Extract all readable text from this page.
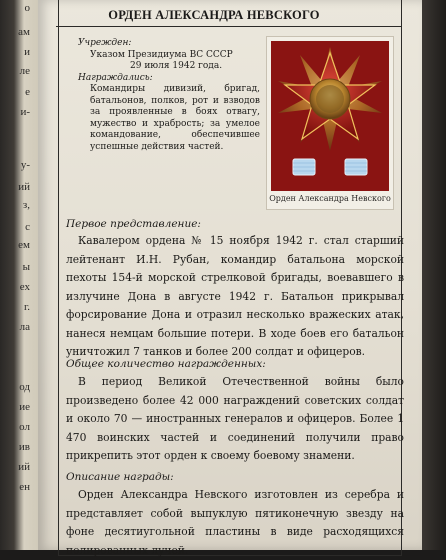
ОРДЕН АЛЕКСАНДРА НЕВСКОГО
Учрежден:
Указом Президиума ВС СССР
29 июля 1942 года.
Награждались:
Командиры дивизий, бригад, батальонов, полков, рот и взводов за проявленные в боях отвагу, мужество и храбрость; за умелое командование, обеспечившее успешные действия частей.
Орден Александра Невского
Первое представление:
Кавалером ордена № 15 ноября 1942 г. стал старший лейтенант И.Н. Рубан, командир батальона морской пехоты 154-й морской стрелковой бригады, воевавшего в излучине Дона в августе 1942 г. Батальон прикрывал форсирование Дона и отразил несколько вражеских атак, нанеся немцам большие потери. В ходе боев его батальон уничтожил 7 танков и более 200 солдат и офицеров.
Общее количество награжденных:
В период Великой Отечественной войны было произведено более 42 000 награждений советских солдат и около 70 — иностранных генералов и офицеров. Более 1 470 воинских частей и соединений получили право прикрепить этот орден к своему боевому знамени.
Описание награды:
Орден Александра Невского изготовлен из серебра и представляет собой выпуклую пятиконечную звезду на фоне десятиугольной пластины в виде расходящихся полированных лучей.
о
ам
и
ле
е
и-
у-
ий
з,
с
ем
ы
ех
г.
ла
од
ие
ол
ив
ий
ен
